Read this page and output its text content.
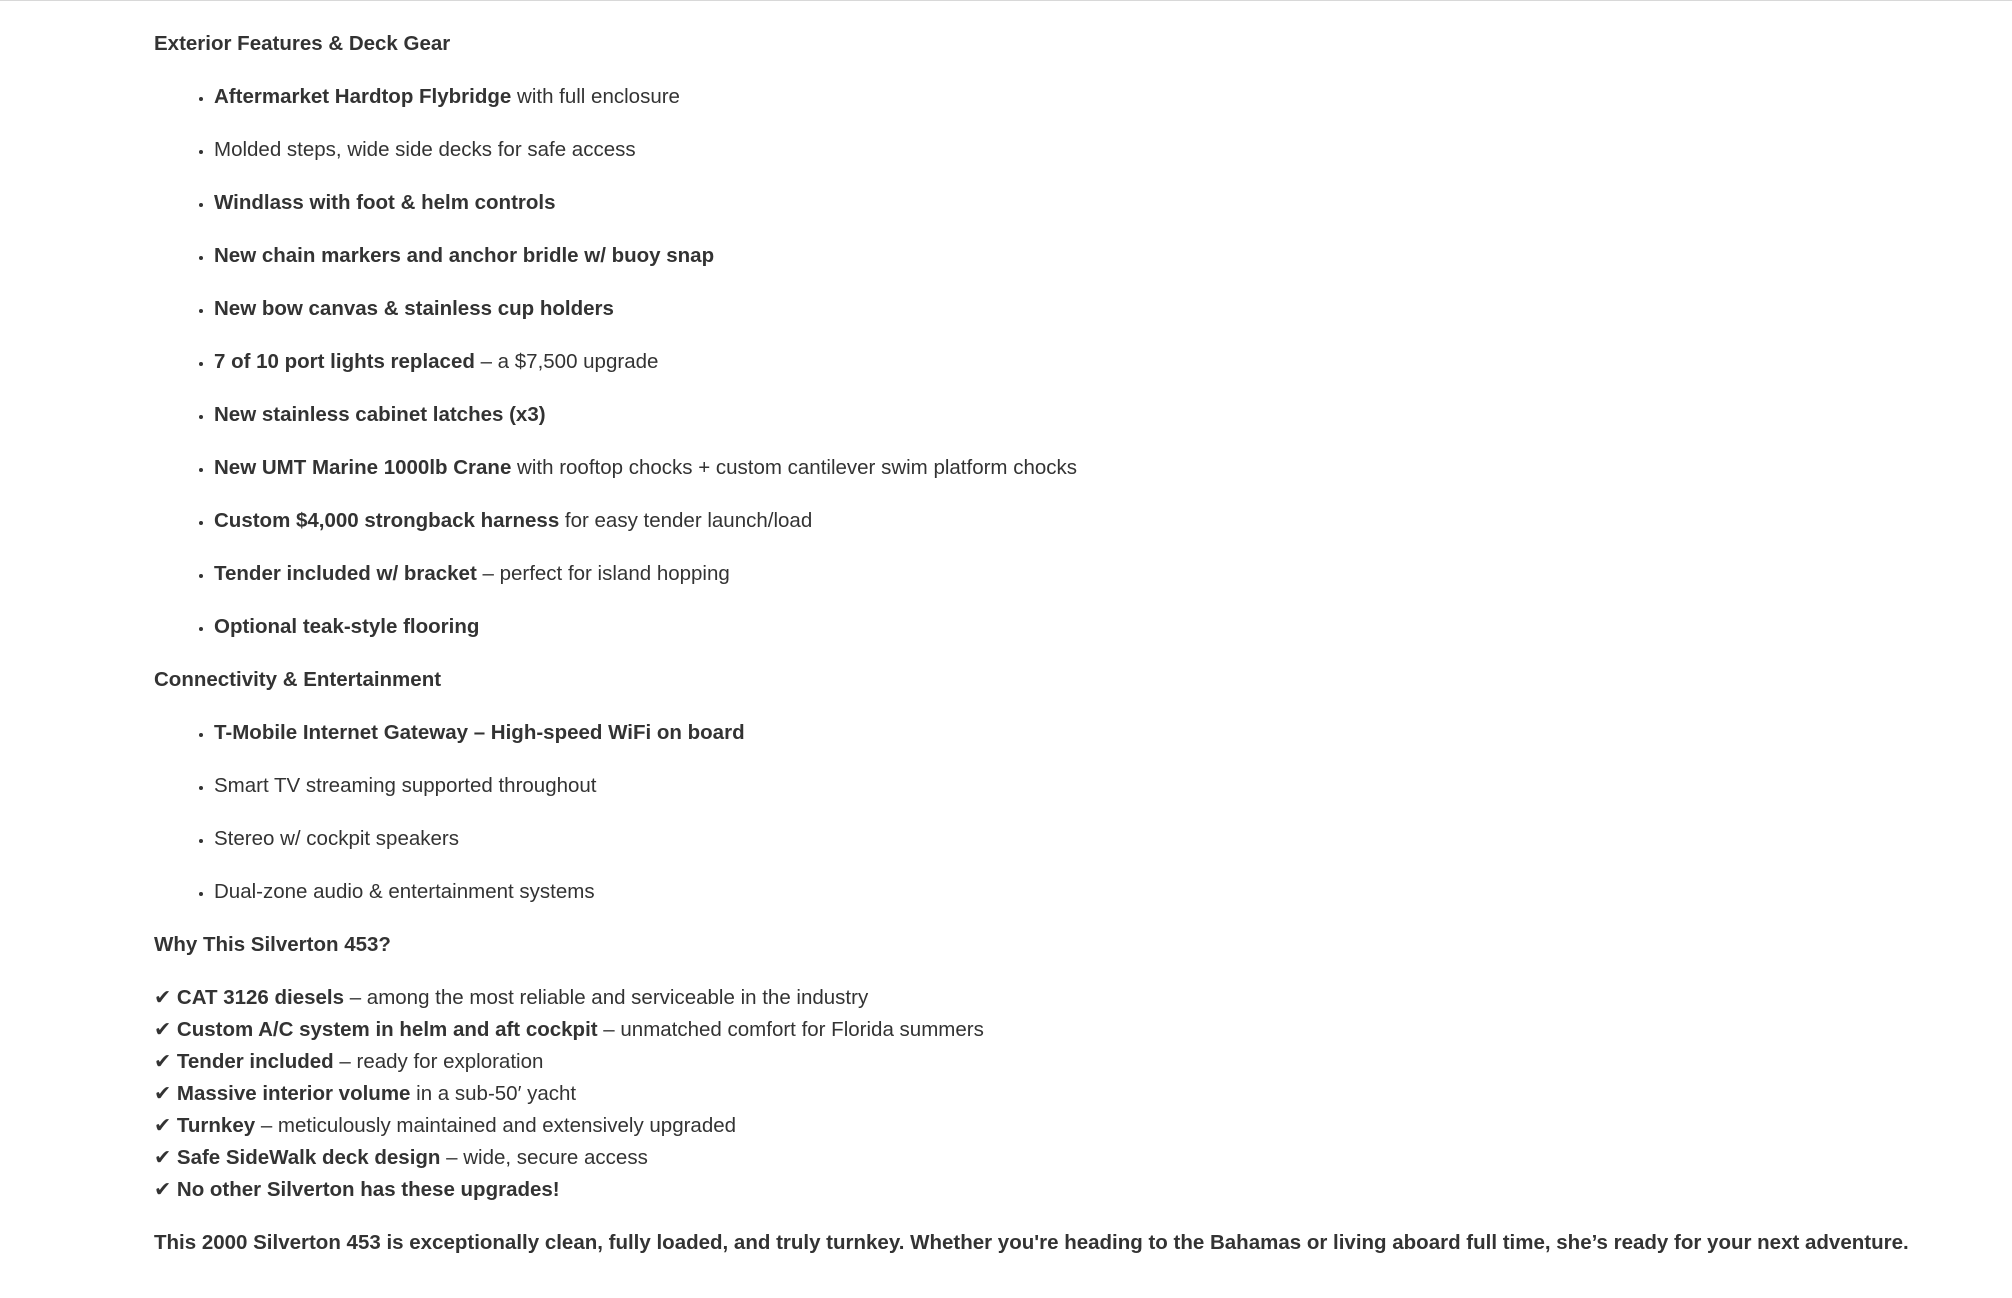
Exterior Features & Deck Gear
• Aftermarket Hardtop Flybridge with full enclosure
• Molded steps, wide side decks for safe access
• Windlass with foot & helm controls
• New chain markers and anchor bridle w/ buoy snap
• New bow canvas & stainless cup holders
• 7 of 10 port lights replaced – a $7,500 upgrade
• New stainless cabinet latches (x3)
• New UMT Marine 1000lb Crane with rooftop chocks + custom cantilever swim platform chocks
• Custom $4,000 strongback harness for easy tender launch/load
• Tender included w/ bracket – perfect for island hopping
• Optional teak-style flooring
Connectivity & Entertainment
• T-Mobile Internet Gateway – High-speed WiFi on board
• Smart TV streaming supported throughout
• Stereo w/ cockpit speakers
• Dual-zone audio & entertainment systems
Why This Silverton 453?
✔ CAT 3126 diesels – among the most reliable and serviceable in the industry
✔ Custom A/C system in helm and aft cockpit – unmatched comfort for Florida summers
✔ Tender included – ready for exploration
✔ Massive interior volume in a sub-50′ yacht
✔ Turnkey – meticulously maintained and extensively upgraded
✔ Safe SideWalk deck design – wide, secure access
✔ No other Silverton has these upgrades!

This 2000 Silverton 453 is exceptionally clean, fully loaded, and truly turnkey. Whether you're heading to the Bahamas or living aboard full time, she’s ready for your next adventure.
